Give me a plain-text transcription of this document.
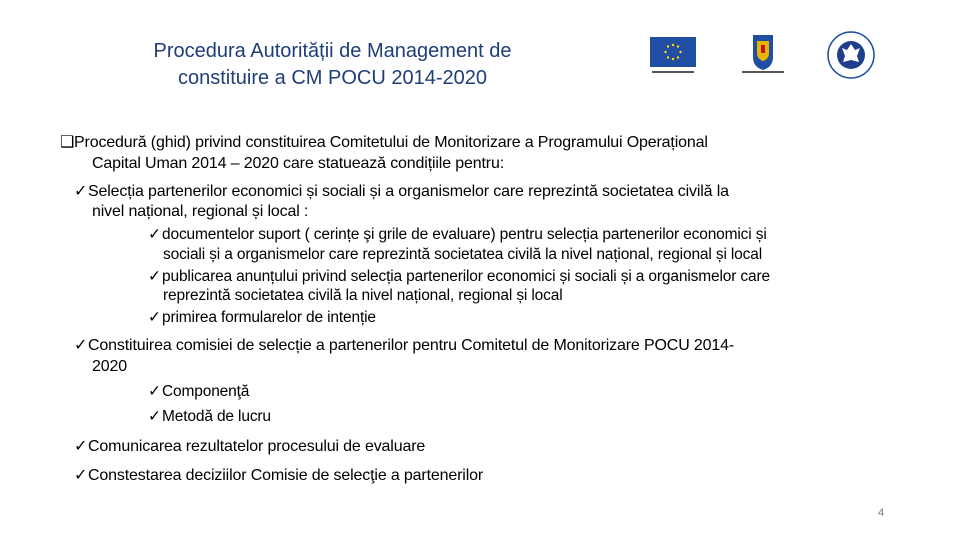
Procedura Autorității de Management de
constituire a CM POCU 2014-2020
❑Procedură (ghid) privind constituirea Comitetului de Monitorizare a Programului Operațional
Capital Uman 2014 – 2020 care statuează condițiile pentru:
✓Selecția partenerilor economici și sociali și a organismelor care reprezintă societatea civilă la
nivel național, regional și local :
✓documentelor suport ( cerințe şi grile de evaluare) pentru selecția partenerilor economici și
sociali și a organismelor care reprezintă societatea civilă la nivel național, regional și local
✓publicarea anunțului privind selecția partenerilor economici și sociali și a organismelor care
reprezintă societatea civilă la nivel național, regional și local
✓primirea formularelor de intenție
✓Constituirea comisiei de selecție a partenerilor pentru Comitetul de Monitorizare POCU 2014-
2020
✓Componenţă
✓Metodă de lucru
✓Comunicarea rezultatelor procesului de evaluare
✓Constestarea deciziilor Comisie de selecţie a partenerilor
4
